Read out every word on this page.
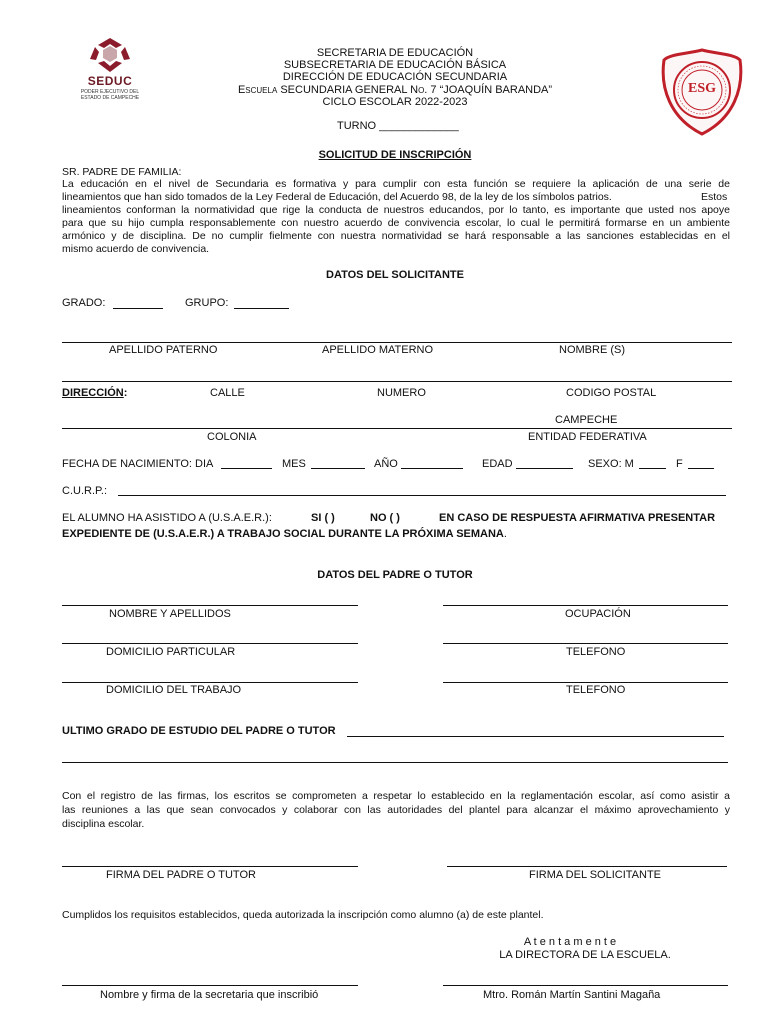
SEDUC
PODER EJECUTIVO DEL
ESTADO DE CAMPECHE
ESG
SECRETARIA DE EDUCACIÓN
SUBSECRETARIA DE EDUCACIÓN BÁSICA
DIRECCIÓN DE EDUCACIÓN SECUNDARIA
Escuela SECUNDARIA GENERAL No. 7 “JOAQUÍN BARANDA”
CICLO ESCOLAR 2022-2023
TURNO _____________
SOLICITUD DE INSCRIPCIÓN
SR. PADRE DE FAMILIA:
La educación en el nivel de Secundaria es formativa y para cumplir con esta función se requiere la aplicación de una serie de
lineamientos que han sido tomados de la Ley Federal de Educación, del Acuerdo 98, de la ley de los símbolos patrios.	Estos
lineamientos conforman la normatividad que rige la conducta de nuestros educandos, por lo tanto, es importante que usted nos apoye
para que su hijo cumpla responsablemente con nuestro acuerdo de convivencia escolar, lo cual le permitirá formarse en un ambiente
armónico y de disciplina. De no cumplir fielmente con nuestra normatividad se hará responsable a las sanciones establecidas en el
mismo acuerdo de convivencia.
DATOS DEL SOLICITANTE
GRADO:	GRUPO:
APELLIDO PATERNO	APELLIDO MATERNO	NOMBRE (S)
DIRECCIÓN:	CALLE	NUMERO	CODIGO POSTAL
CAMPECHE
COLONIA	ENTIDAD FEDERATIVA
FECHA DE NACIMIENTO: DIA	MES	AÑO	EDAD	SEXO: M	F
C.U.R.P.:
EL ALUMNO HA ASISTIDO A (U.S.A.E.R.):	SI ( )	NO ( )	EN CASO DE RESPUESTA AFIRMATIVA PRESENTAR
EXPEDIENTE DE (U.S.A.E.R.) A TRABAJO SOCIAL DURANTE LA PRÓXIMA SEMANA.
DATOS DEL PADRE O TUTOR
NOMBRE Y APELLIDOS	OCUPACIÓN
DOMICILIO PARTICULAR	TELEFONO
DOMICILIO DEL TRABAJO	TELEFONO
ULTIMO GRADO DE ESTUDIO DEL PADRE O TUTOR
Con el registro de las firmas, los escritos se comprometen a respetar lo establecido en la reglamentación escolar, así como asistir a
las reuniones a las que sean convocados y colaborar con las autoridades del plantel para alcanzar el máximo aprovechamiento y
disciplina escolar.
FIRMA DEL PADRE O TUTOR	FIRMA DEL SOLICITANTE
Cumplidos los requisitos establecidos, queda autorizada la inscripción como alumno (a) de este plantel.
A t e n t a m e n t e
LA DIRECTORA DE LA ESCUELA.
Nombre y firma de la secretaria que inscribió	Mtro. Román Martín Santini Magaña
